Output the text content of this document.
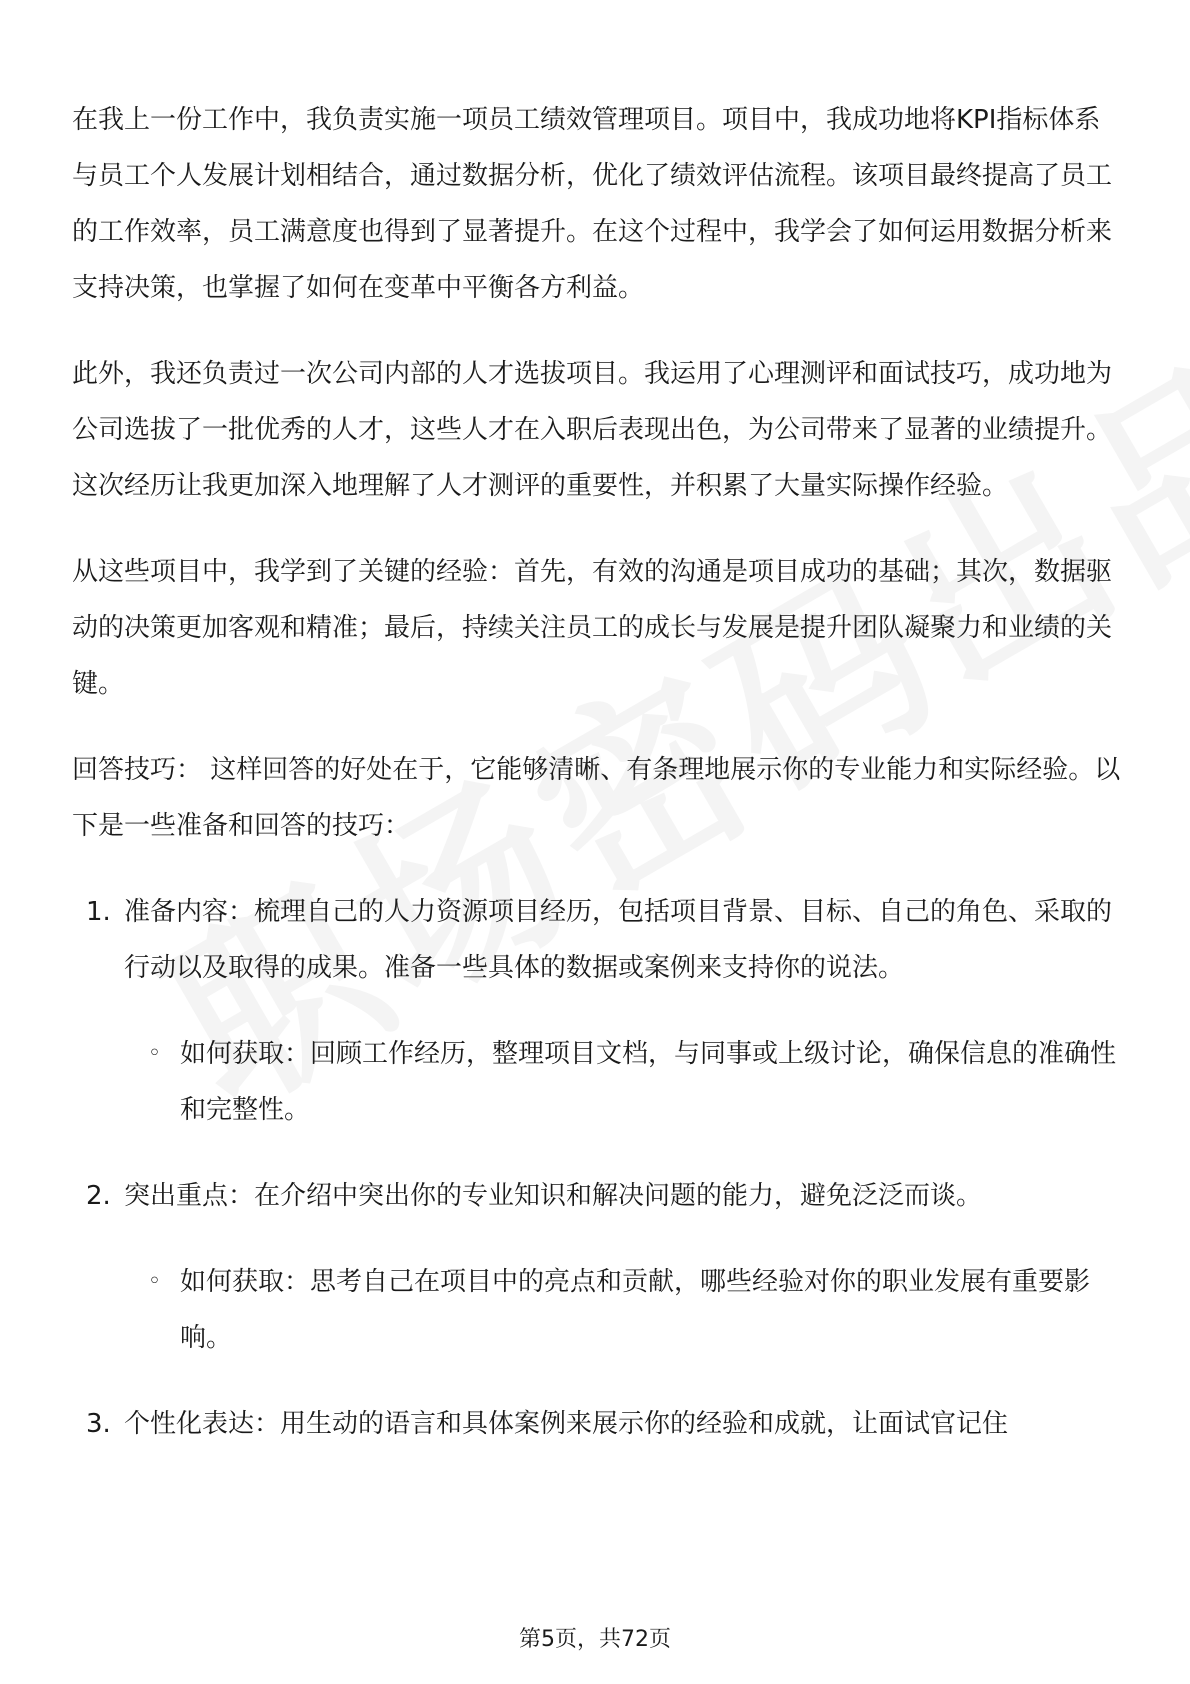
在我上一份工作中，我负责实施一项员工绩效管理项目。项目中，我成功地将KPI指标体系与员工个人发展计划相结合，通过数据分析，优化了绩效评估流程。该项目最终提高了员工的工作效率，员工满意度也得到了显著提升。在这个过程中，我学会了如何运用数据分析来支持决策，也掌握了如何在变革中平衡各方利益。

此外，我还负责过一次公司内部的人才选拔项目。我运用了心理测评和面试技巧，成功地为公司选拔了一批优秀的人才，这些人才在入职后表现出色，为公司带来了显著的业绩提升。这次经历让我更加深入地理解了人才测评的重要性，并积累了大量实际操作经验。

从这些项目中，我学到了关键的经验：首先，有效的沟通是项目成功的基础；其次，数据驱动的决策更加客观和精准；最后，持续关注员工的成长与发展是提升团队凝聚力和业绩的关键。

回答技巧： 这样回答的好处在于，它能够清晰、有条理地展示你的专业能力和实际经验。以下是一些准备和回答的技巧：

1. 准备内容：梳理自己的人力资源项目经历，包括项目背景、目标、自己的角色、采取的行动以及取得的成果。准备一些具体的数据或案例来支持你的说法。
◦ 如何获取：回顾工作经历，整理项目文档，与同事或上级讨论，确保信息的准确性和完整性。
2. 突出重点：在介绍中突出你的专业知识和解决问题的能力，避免泛泛而谈。
◦ 如何获取：思考自己在项目中的亮点和贡献，哪些经验对你的职业发展有重要影响。
3. 个性化表达：用生动的语言和具体案例来展示你的经验和成就，让面试官记住
第5页，共72页
